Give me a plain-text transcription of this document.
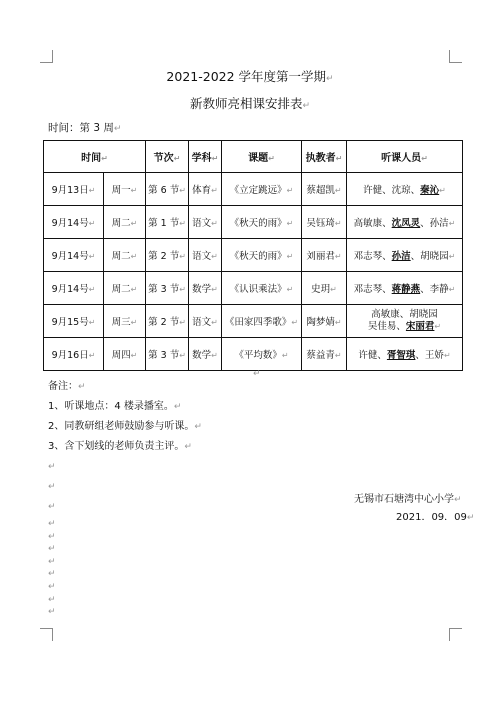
2021-2022 学年度第一学期↵
新教师亮相课安排表↵
时间：第 3 周↵
时间↵		节次↵	学科↵	课题↵	执教者↵	听课人员↵
9月13日↵	周一↵	第 6 节↵	体育↵	《立定跳远》↵	蔡超凯↵	许健、沈琼、秦沁↵
9月14号↵	周二↵	第 1 节↵	语文↵	《秋天的雨》↵	吴钰琦↵	高敏康、沈凤灵、孙洁↵
9月14号↵	周二↵	第 2 节↵	语文↵	《秋天的雨》↵	刘丽君↵	邓志琴、孙洁、胡晓园↵
9月14号↵	周二↵	第 3 节↵	数学↵	《认识乘法》↵	史玥↵	邓志琴、蒋静燕、李静↵
9月15号↵	周三↵	第 2 节↵	语文↵	《田家四季歌》↵	陶梦婧↵	高敏康、胡晓园
吴佳易、宋丽君↵
9月16日↵	周四↵	第 3 节↵	数学↵	《平均数》↵	蔡益青↵	许健、胥智琪、王娇↵
↵
备注：↵
1、听课地点：4 楼录播室。↵
2、同教研组老师鼓励参与听课。↵
3、含下划线的老师负责主评。↵
↵
↵
↵
无锡市石塘湾中心小学↵
2021．09．09↵
↵
↵
↵
↵
↵
↵
↵
↵
